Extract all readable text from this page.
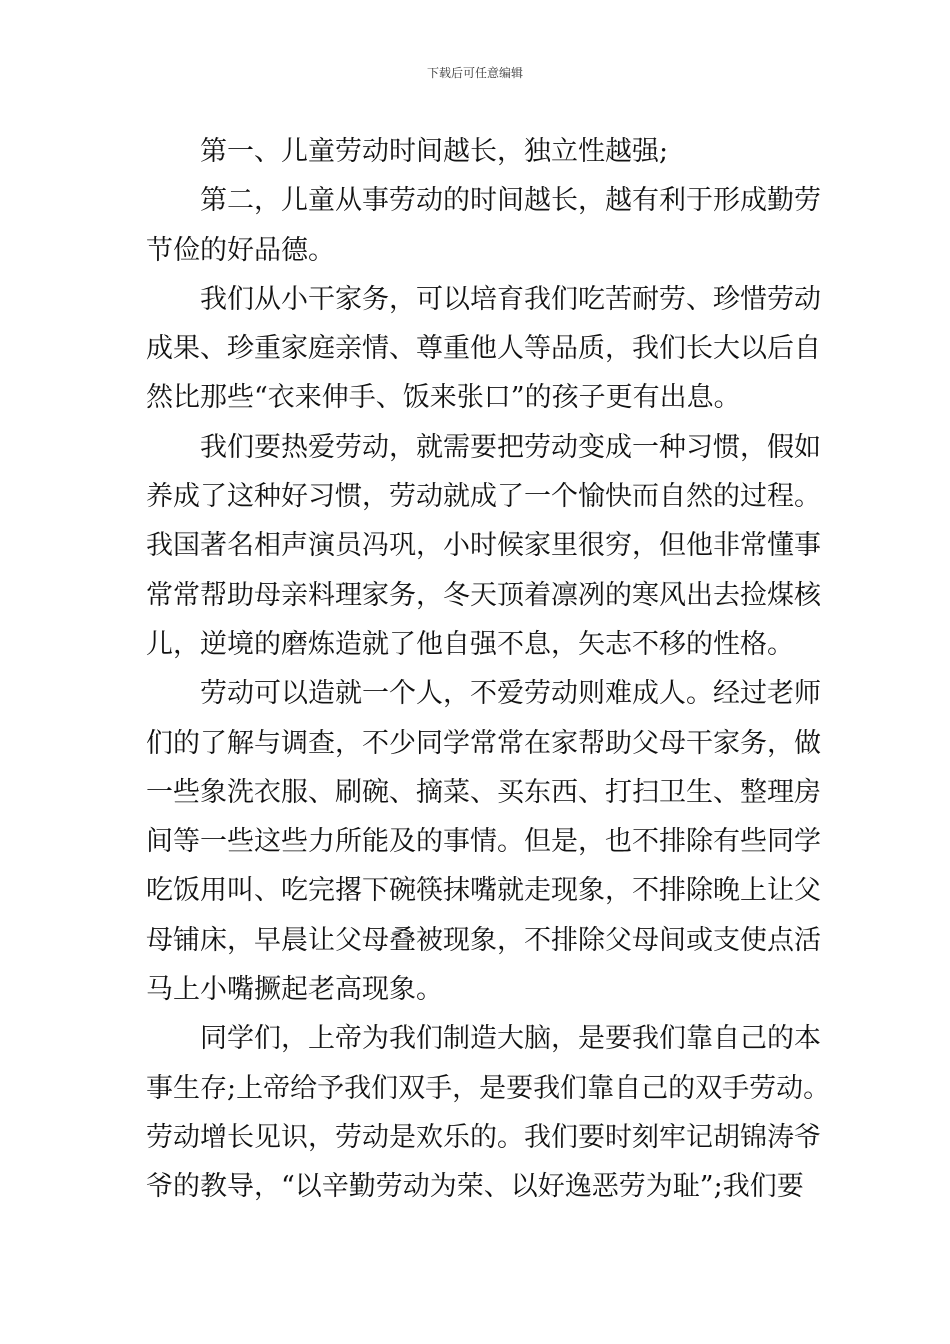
下载后可任意编辑
第一、儿童劳动时间越长，独立性越强;
第二，儿童从事劳动的时间越长，越有利于形成勤劳
节俭的好品德。
我们从小干家务，可以培育我们吃苦耐劳、珍惜劳动
成果、珍重家庭亲情、尊重他人等品质，我们长大以后自
然比那些“衣来伸手、饭来张口”的孩子更有出息。
我们要热爱劳动，就需要把劳动变成一种习惯，假如
养成了这种好习惯，劳动就成了一个愉快而自然的过程。
我国著名相声演员冯巩，小时候家里很穷，但他非常懂事
常常帮助母亲料理家务，冬天顶着凛冽的寒风出去捡煤核
儿，逆境的磨炼造就了他自强不息，矢志不移的性格。
劳动可以造就一个人，不爱劳动则难成人。经过老师
们的了解与调查，不少同学常常在家帮助父母干家务，做
一些象洗衣服、刷碗、摘菜、买东西、打扫卫生、整理房
间等一些这些力所能及的事情。但是，也不排除有些同学
吃饭用叫、吃完撂下碗筷抹嘴就走现象，不排除晚上让父
母铺床，早晨让父母叠被现象，不排除父母间或支使点活
马上小嘴撅起老高现象。
同学们，上帝为我们制造大脑，是要我们靠自己的本
事生存;上帝给予我们双手，是要我们靠自己的双手劳动。
劳动增长见识，劳动是欢乐的。我们要时刻牢记胡锦涛爷
爷的教导，“以辛勤劳动为荣、以好逸恶劳为耻”;我们要
